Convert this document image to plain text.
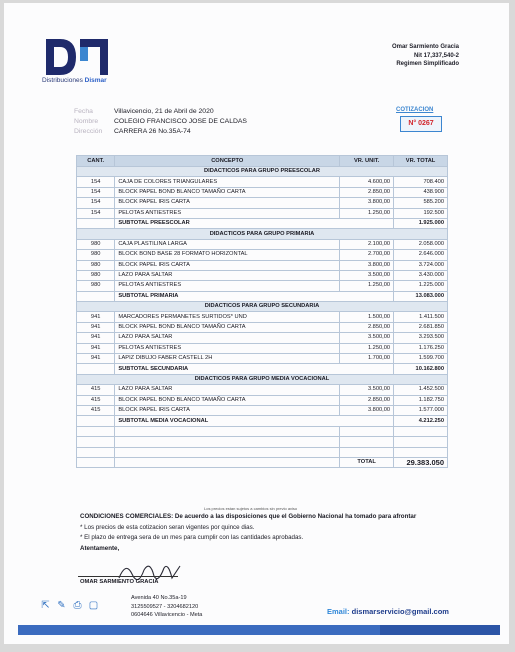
Distribuciones Dismar
Omar Sarmiento Gracia
Nit 17,337,540-2
Regimen Simplificado
Fecha	Villavicencio, 21 de Abril de 2020
Nombre	COLEGIO FRANCISCO JOSE DE CALDAS
Dirección	CARRERA 26 No.35A-74
COTIZACION
N° 0267
CANT.	CONCEPTO	VR. UNIT.	VR. TOTAL
DIDACTICOS PARA GRUPO PREESCOLAR			
154	CAJA DE COLORES TRIANGULARES	4.600,00	708.400
154	BLOCK PAPEL BOND BLANCO TAMAÑO CARTA	2.850,00	438.900
154	BLOCK PAPEL IRIS CARTA	3.800,00	585.200
154	PELOTAS ANTIESTRES	1.250,00	192.500
	SUBTOTAL PREESCOLAR		1.925.000
DIDACTICOS PARA GRUPO PRIMARIA			
980	CAJA PLASTILINA LARGA	2.100,00	2.058.000
980	BLOCK BOND BASE 28 FORMATO HORIZONTAL	2.700,00	2.646.000
980	BLOCK PAPEL IRIS CARTA	3.800,00	3.724.000
980	LAZO PARA SALTAR	3.500,00	3.430.000
980	PELOTAS ANTIESTRES	1.250,00	1.225.000
	SUBTOTAL PRIMARIA		13.083.000
DIDACTICOS PARA GRUPO SECUNDARIA			
941	MARCADORES PERMANETES SURTIDOS* UND	1.500,00	1.411.500
941	BLOCK PAPEL BOND BLANCO TAMAÑO CARTA	2.850,00	2.681.850
941	LAZO PARA SALTAR	3.500,00	3.293.500
941	PELOTAS ANTIESTRES	1.250,00	1.176.250
941	LAPIZ DIBUJO FABER CASTELL 2H	1.700,00	1.599.700
	SUBTOTAL SECUNDARIA		10.162.800
DIDACTICOS PARA GRUPO MEDIA VOCACIONAL			
415	LAZO PARA SALTAR	3.500,00	1.452.500
415	BLOCK PAPEL BOND BLANCO TAMAÑO CARTA	2.850,00	1.182.750
415	BLOCK PAPEL IRIS CARTA	3.800,00	1.577.000
	SUBTOTAL MEDIA VOCACIONAL		4.212.250

		TOTAL	29.383.050
Los precios estan sujetos a cambios sin previo aviso

CONDICIONES COMERCIALES: De acuerdo a las disposiciones que el Gobierno Nacional ha tomado para afrontar

* Los precios de esta cotizacion seran vigentes por quince dias.

* El plazo de entrega sera de un mes para cumplir con las cantidades aprobadas.

Atentamente,

OMAR SARMIENTO GRACIA
⇱ ✎ ⎙ ▢
Avenida 40 No.35a-19
3125509527 - 3204682120
0604646 Villavicencio - Meta	Email: dismarservicio@gmail.com
